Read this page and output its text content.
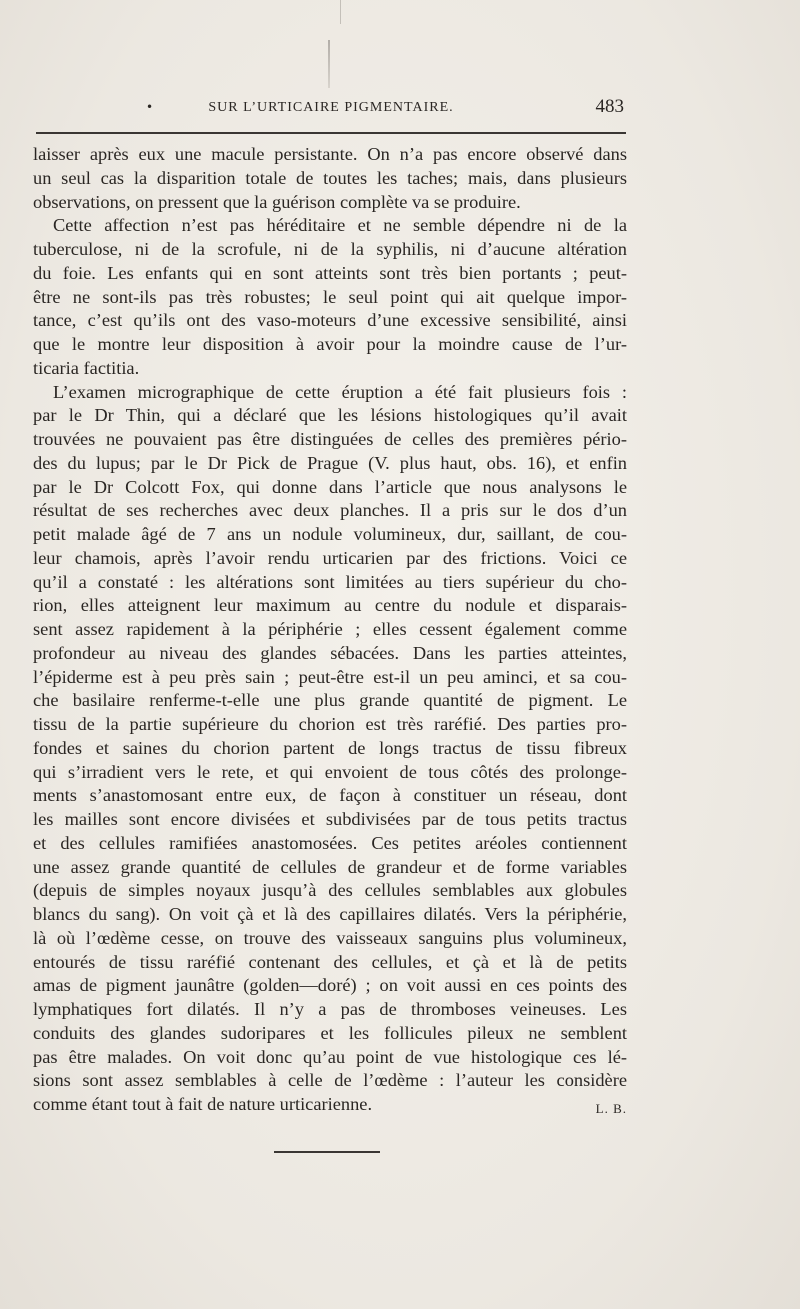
•	SUR L’URTICAIRE PIGMENTAIRE.	483
laisser après eux une macule persistante. On n’a pas encore observé dans
un seul cas la disparition totale de toutes les taches; mais, dans plusieurs
observations, on pressent que la guérison complète va se produire.
Cette affection n’est pas héréditaire et ne semble dépendre ni de la
tuberculose, ni de la scrofule, ni de la syphilis, ni d’aucune altération
du foie. Les enfants qui en sont atteints sont très bien portants ; peut-
être ne sont-ils pas très robustes; le seul point qui ait quelque impor-
tance, c’est qu’ils ont des vaso-moteurs d’une excessive sensibilité, ainsi
que le montre leur disposition à avoir pour la moindre cause de l’ur-
ticaria factitia.
L’examen micrographique de cette éruption a été fait plusieurs fois :
par le Dr Thin, qui a déclaré que les lésions histologiques qu’il avait
trouvées ne pouvaient pas être distinguées de celles des premières pério-
des du lupus; par le Dr Pick de Prague (V. plus haut, obs. 16), et enfin
par le Dr Colcott Fox, qui donne dans l’article que nous analysons le
résultat de ses recherches avec deux planches. Il a pris sur le dos d’un
petit malade âgé de 7 ans un nodule volumineux, dur, saillant, de cou-
leur chamois, après l’avoir rendu urticarien par des frictions. Voici ce
qu’il a constaté : les altérations sont limitées au tiers supérieur du cho-
rion, elles atteignent leur maximum au centre du nodule et disparais-
sent assez rapidement à la périphérie ; elles cessent également comme
profondeur au niveau des glandes sébacées. Dans les parties atteintes,
l’épiderme est à peu près sain ; peut-être est-il un peu aminci, et sa cou-
che basilaire renferme-t-elle une plus grande quantité de pigment. Le
tissu de la partie supérieure du chorion est très raréfié. Des parties pro-
fondes et saines du chorion partent de longs tractus de tissu fibreux
qui s’irradient vers le rete, et qui envoient de tous côtés des prolonge-
ments s’anastomosant entre eux, de façon à constituer un réseau, dont
les mailles sont encore divisées et subdivisées par de tous petits tractus
et des cellules ramifiées anastomosées. Ces petites aréoles contiennent
une assez grande quantité de cellules de grandeur et de forme variables
(depuis de simples noyaux jusqu’à des cellules semblables aux globules
blancs du sang). On voit çà et là des capillaires dilatés. Vers la périphérie,
là où l’œdème cesse, on trouve des vaisseaux sanguins plus volumineux,
entourés de tissu raréfié contenant des cellules, et çà et là de petits
amas de pigment jaunâtre (golden—doré) ; on voit aussi en ces points des
lymphatiques fort dilatés. Il n’y a pas de thromboses veineuses. Les
conduits des glandes sudoripares et les follicules pileux ne semblent
pas être malades. On voit donc qu’au point de vue histologique ces lé-
sions sont assez semblables à celle de l’œdème : l’auteur les considère
comme étant tout à fait de nature urticarienne.	L. B.
